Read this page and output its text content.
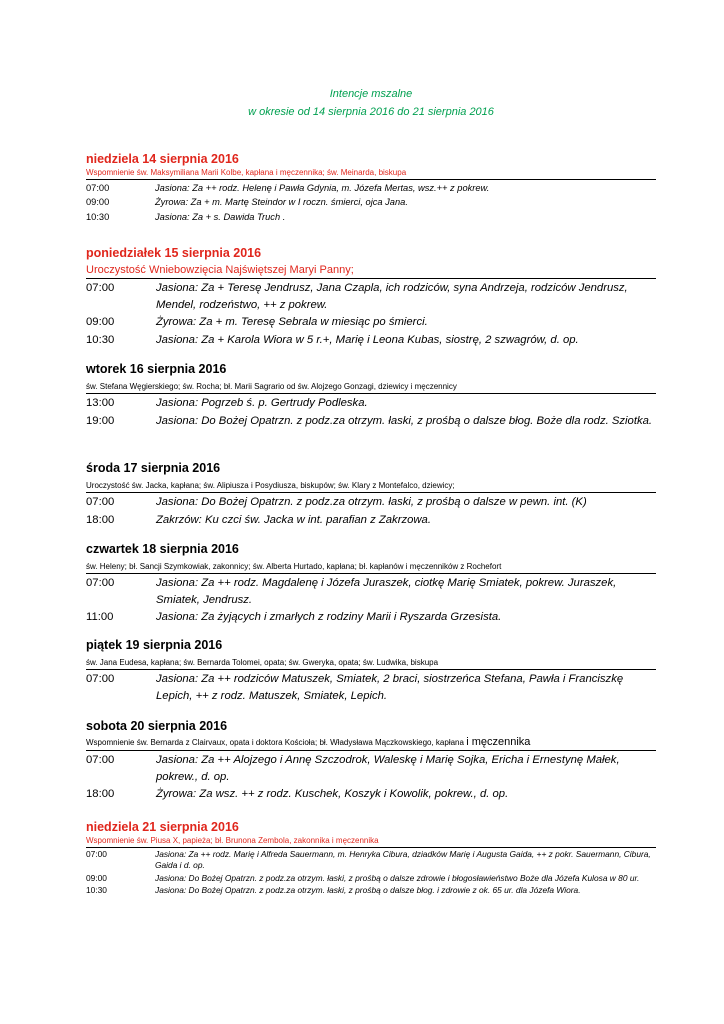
Intencje mszalne
w okresie od 14 sierpnia 2016 do 21 sierpnia 2016
niedziela 14 sierpnia 2016
Wspomnienie św. Maksymiliana Marii Kolbe, kapłana i męczennika; św. Meinarda, biskupa
07:00	Jasiona: Za ++ rodz. Helenę i Pawła Gdynia, m. Józefa Mertas, wsz.++ z pokrew.
09:00	Żyrowa: Za + m. Martę Steindor w I roczn. śmierci, ojca Jana.
10:30	Jasiona: Za + s. Dawida Truch .
poniedziałek 15 sierpnia 2016
Uroczystość Wniebowzięcia Najświętszej Maryi Panny;
07:00	Jasiona: Za + Teresę Jendrusz, Jana Czapla, ich rodziców, syna Andrzeja, rodziców Jendrusz, Mendel, rodzeństwo, ++ z pokrew.
09:00	Żyrowa: Za + m. Teresę Sebrala w miesiąc po śmierci.
10:30	Jasiona: Za + Karola Wiora w 5 r.+, Marię i Leona Kubas, siostrę, 2 szwagrów, d. op.
wtorek 16 sierpnia 2016
św. Stefana Węgierskiego; św. Rocha; bł. Marii Sagrario od św. Alojzego Gonzagi, dziewicy i męczennicy
13:00	Jasiona: Pogrzeb ś. p. Gertrudy Podleska.
19:00	Jasiona: Do Bożej Opatrzn. z podz.za otrzym. łaski, z prośbą o dalsze błog. Boże dla rodz. Sziotka.
środa 17 sierpnia 2016
Uroczystość św. Jacka, kapłana; św. Alipiusza i Posydiusza, biskupów; św. Klary z Montefalco, dziewicy;
07:00	Jasiona: Do Bożej Opatrzn. z podz.za otrzym. łaski, z prośbą o dalsze w pewn. int. (K)
18:00	Zakrzów: Ku czci św. Jacka w int. parafian z Zakrzowa.
czwartek 18 sierpnia 2016
św. Heleny; bł. Sancji Szymkowiak, zakonnicy; św. Alberta Hurtado, kapłana; bł. kapłanów i męczenników z Rochefort
07:00	Jasiona: Za ++ rodz. Magdalenę i Józefa Juraszek, ciotkę Marię Smiatek, pokrew. Juraszek, Smiatek, Jendrusz.
11:00	Jasiona: Za żyjących i zmarłych z rodziny Marii i Ryszarda Grzesista.
piątek 19 sierpnia 2016
św. Jana Eudesa, kapłana; św. Bernarda Tolomei, opata; św. Gweryka, opata; św. Ludwika, biskupa
07:00	Jasiona: Za ++ rodziców Matuszek, Smiatek, 2 braci, siostrzeńca Stefana, Pawła i Franciszkę Lepich, ++ z rodz. Matuszek, Smiatek, Lepich.
sobota 20 sierpnia 2016
Wspomnienie św. Bernarda z Clairvaux, opata i doktora Kościoła; bł. Władysława Mączkowskiego, kapłana i męczennika
07:00	Jasiona: Za ++ Alojzego i Annę Szczodrok, Waleskę i Marię Sojka, Ericha i Ernestynę Małek, pokrew., d. op.
18:00	Żyrowa: Za wsz. ++ z rodz. Kuschek, Koszyk i Kowolik, pokrew., d. op.
niedziela 21 sierpnia 2016
Wspomnienie św. Piusa X, papieża; bł. Brunona Zembola, zakonnika i męczennika
07:00	Jasiona: Za ++ rodz. Marię i Alfreda Sauermann, m. Henryka Cibura, dziadków Marię i Augusta Gaida, ++ z pokr. Sauermann, Cibura, Gaida i d. op.
09:00	Jasiona: Do Bożej Opatrzn. z podz.za otrzym. łaski, z prośbą o dalsze zdrowie i błogosławieństwo Boże dla Józefa Kulosa w 80 ur.
10:30	Jasiona: Do Bożej Opatrzn. z podz.za otrzym. łaski, z prośbą o dalsze błog. i zdrowie z ok. 65 ur. dla Józefa Wiora.
